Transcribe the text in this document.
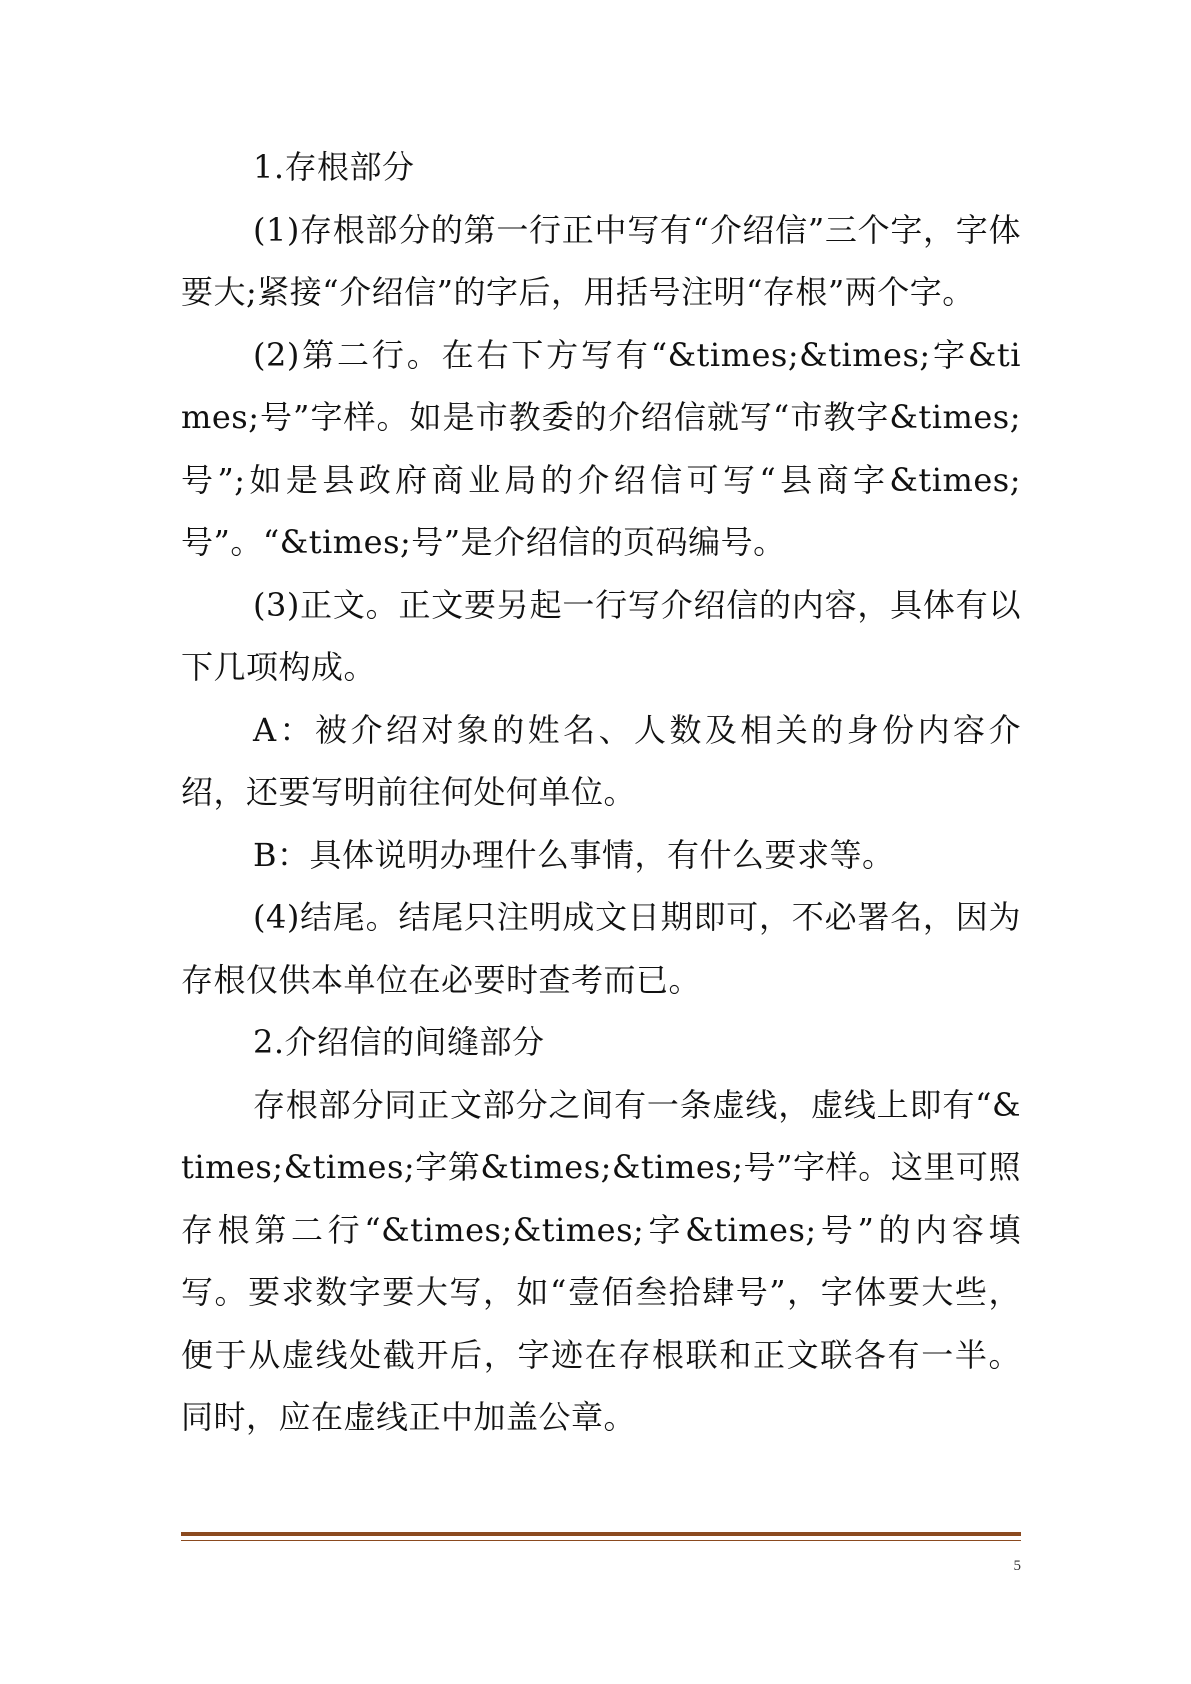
1.存根部分

(1)存根部分的第一行正中写有“介绍信”三个字，字体要大;紧接“介绍信”的字后，用括号注明“存根”两个字。

(2)第二行。在右下方写有“&times;&times;字&times;号”字样。如是市教委的介绍信就写“市教字&times;号”;如是县政府商业局的介绍信可写“县商字&times;号”。“&times;号”是介绍信的页码编号。

(3)正文。正文要另起一行写介绍信的内容，具体有以下几项构成。

A：被介绍对象的姓名、人数及相关的身份内容介绍，还要写明前往何处何单位。

B：具体说明办理什么事情，有什么要求等。

(4)结尾。结尾只注明成文日期即可，不必署名，因为存根仅供本单位在必要时查考而已。

2.介绍信的间缝部分

存根部分同正文部分之间有一条虚线，虚线上即有“&times;&times;字第&times;&times;号”字样。这里可照存根第二行“&times;&times;字&times;号”的内容填写。要求数字要大写，如“壹佰叁拾肆号”，字体要大些，便于从虚线处截开后，字迹在存根联和正文联各有一半。同时，应在虚线正中加盖公章。

5
